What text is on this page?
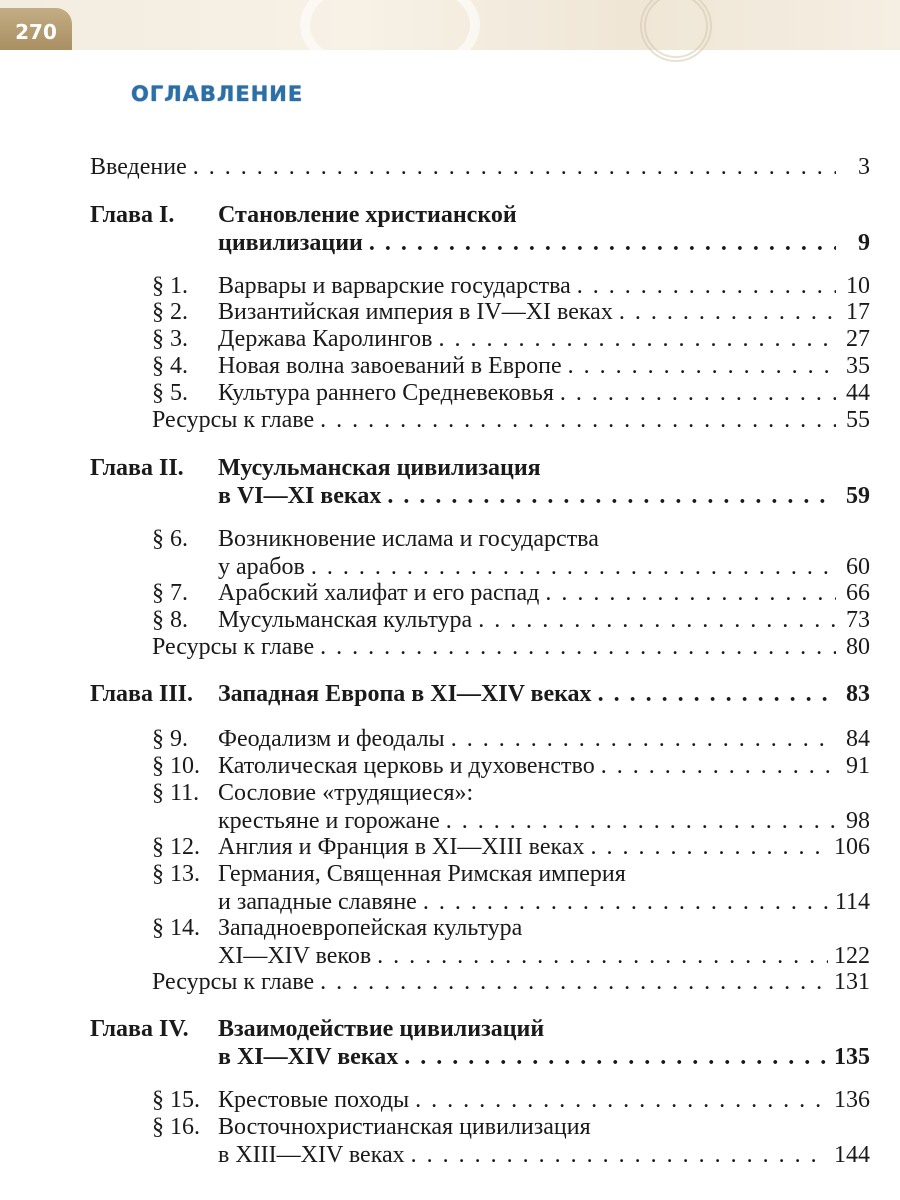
270
ОГЛАВЛЕНИЕ
Введение . . .	3
Глава I. Становление христианской
цивилизации . . .	9
§ 1. Варвары и варварские государства . . .	10
§ 2. Византийская империя в IV—XI веках . . .	17
§ 3. Держава Каролингов . . .	27
§ 4. Новая волна завоеваний в Европе . . .	35
§ 5. Культура раннего Средневековья . . .	44
Ресурсы к главе . . .	55
Глава II. Мусульманская цивилизация
в VI—XI веках . . .	59
§ 6. Возникновение ислама и государства
у арабов . . .	60
§ 7. Арабский халифат и его распад . . .	66
§ 8. Мусульманская культура . . .	73
Ресурсы к главе . . .	80
Глава III. Западная Европа в XI—XIV веках . . .	83
§ 9. Феодализм и феодалы . . .	84
§ 10. Католическая церковь и духовенство . . .	91
§ 11. Сословие «трудящиеся»:
крестьяне и горожане . . .	98
§ 12. Англия и Франция в XI—XIII веках . . .	106
§ 13. Германия, Священная Римская империя
и западные славяне . . .	114
§ 14. Западноевропейская культура
XI—XIV веков . . .	122
Ресурсы к главе . . .	131
Глава IV. Взаимодействие цивилизаций
в XI—XIV веках . . .	135
§ 15. Крестовые походы . . .	136
§ 16. Восточнохристианская цивилизация
в XIII—XIV веках . . .	144
